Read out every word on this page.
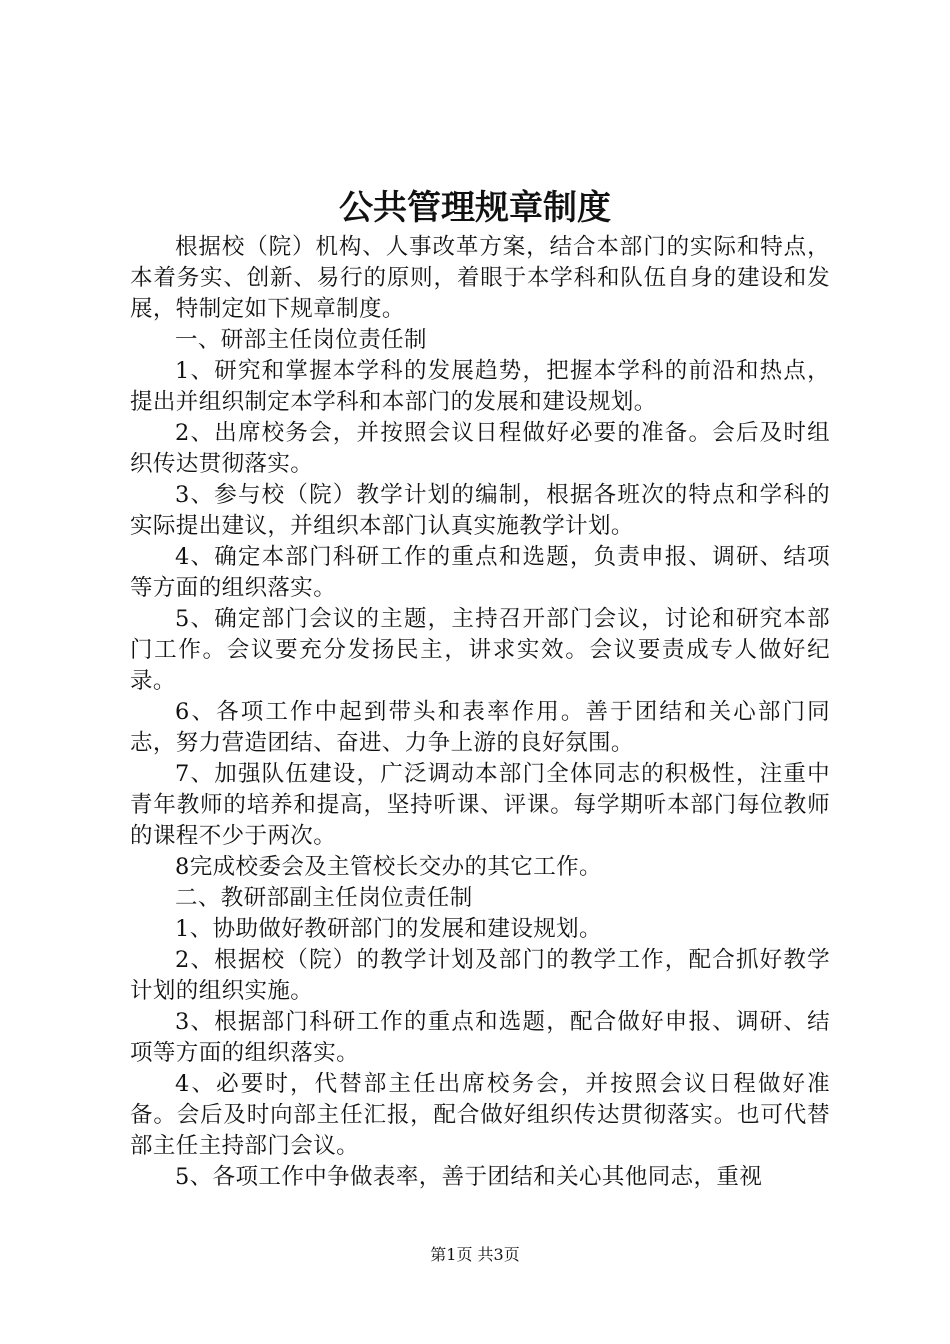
公共管理规章制度

根据校（院）机构、人事改革方案，结合本部门的实际和特点，本着务实、创新、易行的原则，着眼于本学科和队伍自身的建设和发展，特制定如下规章制度。

一、研部主任岗位责任制

1、研究和掌握本学科的发展趋势，把握本学科的前沿和热点，提出并组织制定本学科和本部门的发展和建设规划。

2、出席校务会，并按照会议日程做好必要的准备。会后及时组织传达贯彻落实。

3、参与校（院）教学计划的编制，根据各班次的特点和学科的实际提出建议，并组织本部门认真实施教学计划。

4、确定本部门科研工作的重点和选题，负责申报、调研、结项等方面的组织落实。

5、确定部门会议的主题，主持召开部门会议，讨论和研究本部门工作。会议要充分发扬民主，讲求实效。会议要责成专人做好纪录。

6、各项工作中起到带头和表率作用。善于团结和关心部门同志，努力营造团结、奋进、力争上游的良好氛围。

7、加强队伍建设，广泛调动本部门全体同志的积极性，注重中青年教师的培养和提高，坚持听课、评课。每学期听本部门每位教师的课程不少于两次。

8完成校委会及主管校长交办的其它工作。

二、教研部副主任岗位责任制

1、协助做好教研部门的发展和建设规划。

2、根据校（院）的教学计划及部门的教学工作，配合抓好教学计划的组织实施。

3、根据部门科研工作的重点和选题，配合做好申报、调研、结项等方面的组织落实。

4、必要时，代替部主任出席校务会，并按照会议日程做好准备。会后及时向部主任汇报，配合做好组织传达贯彻落实。也可代替部主任主持部门会议。

5、各项工作中争做表率，善于团结和关心其他同志，重视

第1页 共3页
